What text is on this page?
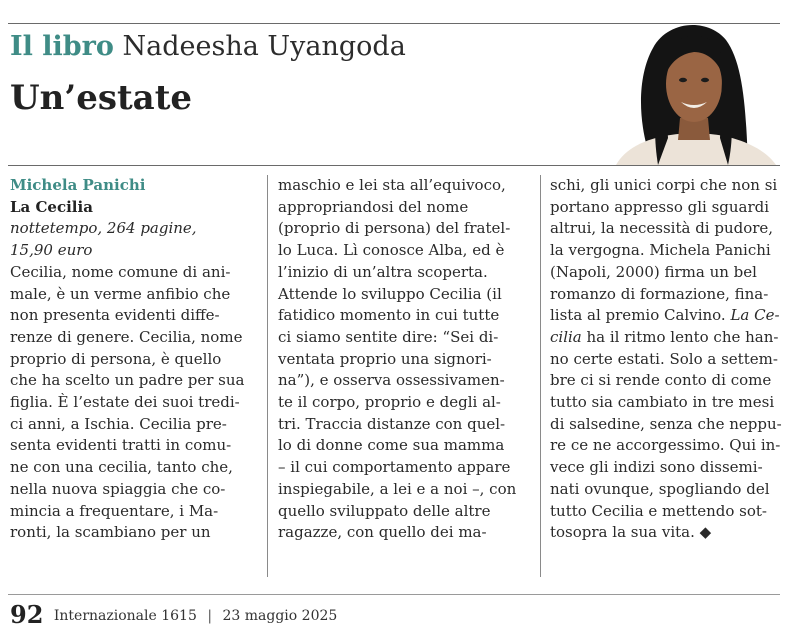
Il libro Nadeesha Uyangoda
Un’estate

Michela Panichi

La Cecilia

nottetempo, 264 pagine,

15,90 euro

Cecilia, nome comune di ani-

male, è un verme anfibio che

non presenta evidenti diffe-

renze di genere. Cecilia, nome

proprio di persona, è quello

che ha scelto un padre per sua

figlia. È l’estate dei suoi tredi-

ci anni, a Ischia. Cecilia pre-

senta evidenti tratti in comu-

ne con una cecilia, tanto che,

nella nuova spiaggia che co-

mincia a frequentare, i Ma-

ronti, la scambiano per un

maschio e lei sta all’equivoco,

appropriandosi del nome

(proprio di persona) del fratel-

lo Luca. Lì conosce Alba, ed è

l’inizio di un’altra scoperta.

Attende lo sviluppo Cecilia (il

fatidico momento in cui tutte

ci siamo sentite dire: “Sei di-

ventata proprio una signori-

na”), e osserva ossessivamen-

te il corpo, proprio e degli al-

tri. Traccia distanze con quel-

lo di donne come sua mamma

– il cui comportamento appare

inspiegabile, a lei e a noi –, con

quello sviluppato delle altre

ragazze, con quello dei ma-

schi, gli unici corpi che non si

portano appresso gli sguardi

altrui, la necessità di pudore,

la vergogna. Michela Panichi

(Napoli, 2000) firma un bel

romanzo di formazione, fina-

lista al premio Calvino. La Ce-

cilia ha il ritmo lento che han-

no certe estati. Solo a settem-

bre ci si rende conto di come

tutto sia cambiato in tre mesi

di salsedine, senza che neppu-

re ce ne accorgessimo. Qui in-

vece gli indizi sono dissemi-

nati ovunque, spogliando del

tutto Cecilia e mettendo sot-

tosopra la sua vita. ◆

92 Internazionale 1615 | 23 maggio 2025
